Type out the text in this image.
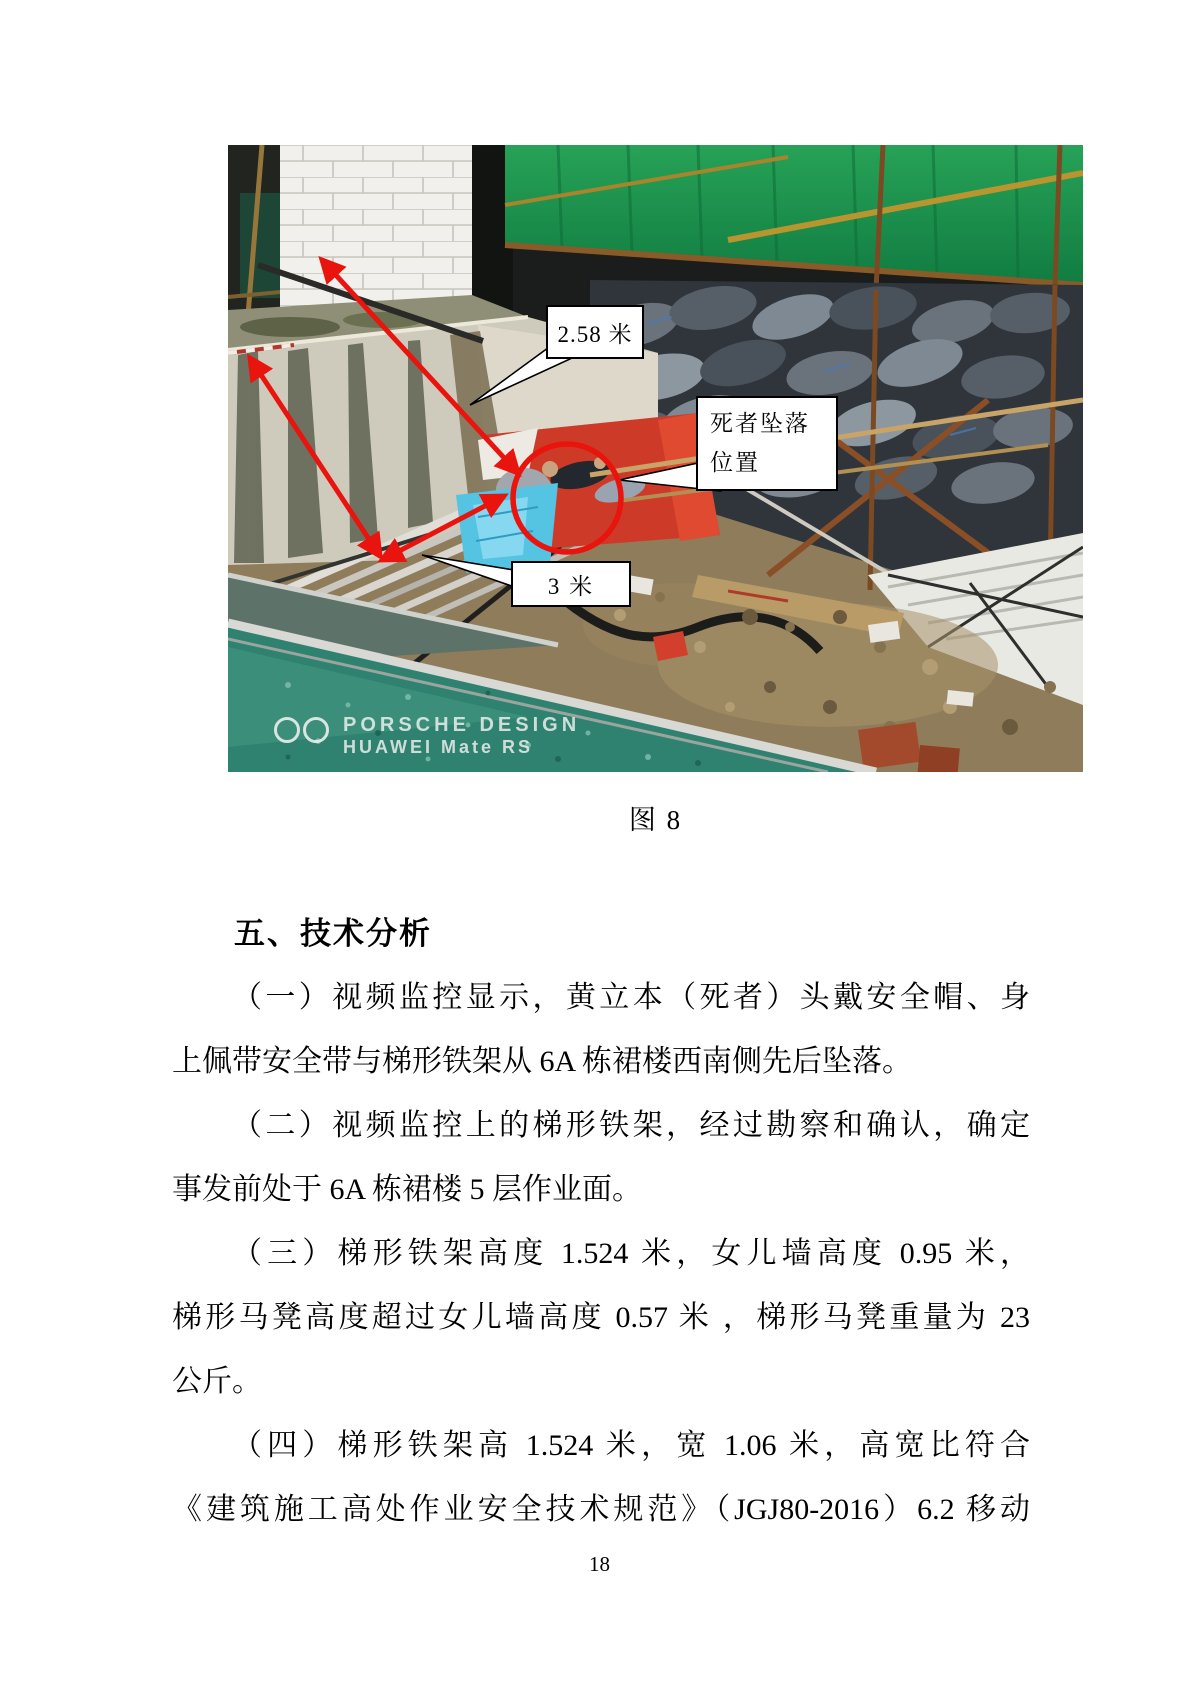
2.58 米
死者坠落位置
3 米
PORSCHE DESIGN
HUAWEI Mate RS
图 8
五、技术分析
（一）视频监控显示，黄立本（死者）头戴安全帽、身
上佩带安全带与梯形铁架从 6A 栋裙楼西南侧先后坠落。
（二）视频监控上的梯形铁架，经过勘察和确认，确定
事发前处于 6A 栋裙楼 5 层作业面。
（三）梯形铁架高度 1.524 米，女儿墙高度 0.95 米，
梯形马凳高度超过女儿墙高度 0.57 米 ，梯形马凳重量为 23
公斤。
（四）梯形铁架高 1.524 米，宽 1.06 米，高宽比符合
《建筑施工高处作业安全技术规范》（JGJ80-2016）6.2 移动
18
